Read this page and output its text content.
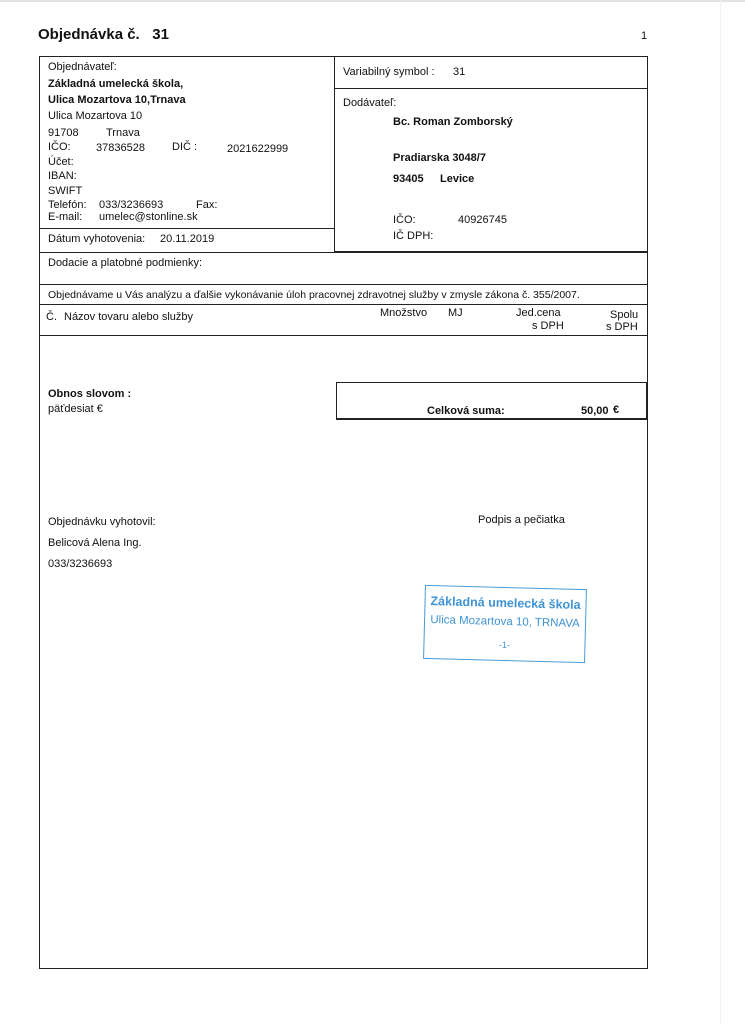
Objednávka č. 31	1
Objednávateľ:
Základná umelecká škola,
Ulica Mozartova 10,Trnava
Ulica Mozartova 10
91708 Trnava
IČO: 37836528 DIČ :	2021622999
Účet:
IBAN:
SWIFT
Telefón: 033/3236693	Fax:
E-mail: umelec@stonline.sk
Dátum vyhotovenia: 20.11.2019
Variabilný symbol : 31
Dodávateľ:
Bc. Roman Zomborský
Pradiarska 3048/7
93405 Levice
IČO:	40926745
IČ DPH:
Dodacie a platobné podmienky:
Objednávame u Vás analýzu a ďalšie vykonávanie úloh pracovnej zdravotnej služby v zmysle zákona č. 355/2007.
Č. Názov tovaru alebo služby	Množstvo MJ	Jed.cena
s DPH
Spolu
s DPH
Obnos slovom :
päťdesiat €	Celková suma:	50,00 €
Objednávku vyhotovil:
Belicová Alena Ing.
033/3236693
Podpis a pečiatka
Základná umelecká škola
Ulica Mozartova 10, TRNAVA
-1-
